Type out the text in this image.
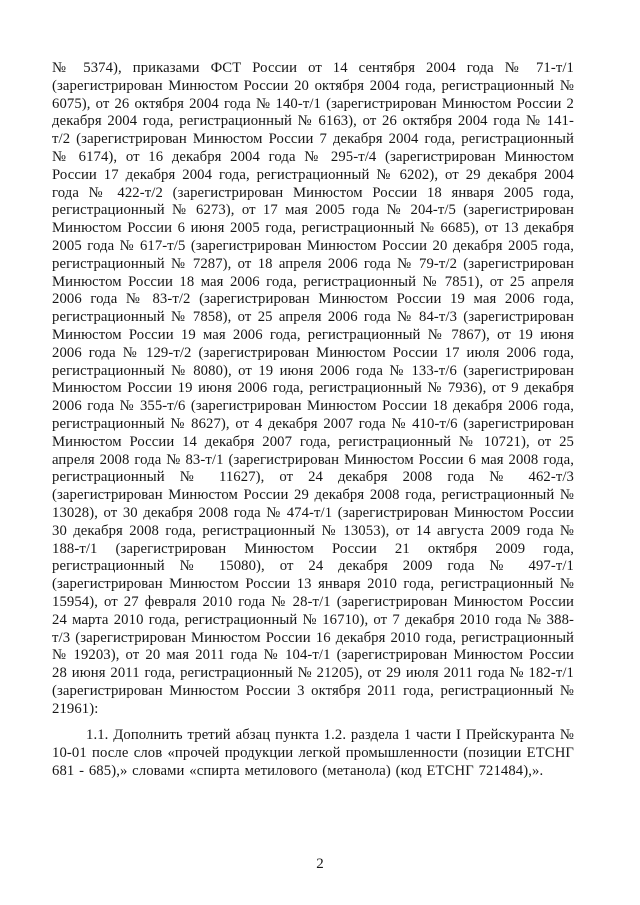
№ 5374), приказами ФСТ России от 14 сентября 2004 года № 71-т/1 (зарегистрирован Минюстом России 20 октября 2004 года, регистрационный № 6075), от 26 октября 2004 года № 140-т/1 (зарегистрирован Минюстом России 2 декабря 2004 года, регистрационный № 6163), от 26 октября 2004 года № 141-т/2 (зарегистрирован Минюстом России 7 декабря 2004 года, регистрационный № 6174), от 16 декабря 2004 года № 295-т/4 (зарегистрирован Минюстом России 17 декабря 2004 года, регистрационный № 6202), от 29 декабря 2004 года № 422-т/2 (зарегистрирован Минюстом России 18 января 2005 года, регистрационный № 6273), от 17 мая 2005 года № 204-т/5 (зарегистрирован Минюстом России 6 июня 2005 года, регистрационный № 6685), от 13 декабря 2005 года № 617-т/5 (зарегистрирован Минюстом России 20 декабря 2005 года, регистрационный № 7287), от 18 апреля 2006 года № 79-т/2 (зарегистрирован Минюстом России 18 мая 2006 года, регистрационный № 7851), от 25 апреля 2006 года № 83-т/2 (зарегистрирован Минюстом России 19 мая 2006 года, регистрационный № 7858), от 25 апреля 2006 года № 84-т/3 (зарегистрирован Минюстом России 19 мая 2006 года, регистрационный № 7867), от 19 июня 2006 года № 129-т/2 (зарегистрирован Минюстом России 17 июля 2006 года, регистрационный № 8080), от 19 июня 2006 года № 133-т/6 (зарегистрирован Минюстом России 19 июня 2006 года, регистрационный № 7936), от 9 декабря 2006 года № 355-т/6 (зарегистрирован Минюстом России 18 декабря 2006 года, регистрационный № 8627), от 4 декабря 2007 года № 410-т/6 (зарегистрирован Минюстом России 14 декабря 2007 года, регистрационный № 10721), от 25 апреля 2008 года № 83-т/1 (зарегистрирован Минюстом России 6 мая 2008 года, регистрационный № 11627), от 24 декабря 2008 года № 462-т/3 (зарегистрирован Минюстом России 29 декабря 2008 года, регистрационный № 13028), от 30 декабря 2008 года № 474-т/1 (зарегистрирован Минюстом России 30 декабря 2008 года, регистрационный № 13053), от 14 августа 2009 года № 188-т/1 (зарегистрирован Минюстом России 21 октября 2009 года, регистрационный № 15080), от 24 декабря 2009 года № 497-т/1 (зарегистрирован Минюстом России 13 января 2010 года, регистрационный № 15954), от 27 февраля 2010 года № 28-т/1 (зарегистрирован Минюстом России 24 марта 2010 года, регистрационный № 16710), от 7 декабря 2010 года № 388-т/3 (зарегистрирован Минюстом России 16 декабря 2010 года, регистрационный № 19203), от 20 мая 2011 года № 104-т/1 (зарегистрирован Минюстом России 28 июня 2011 года, регистрационный № 21205), от 29 июля 2011 года № 182-т/1 (зарегистрирован Минюстом России 3 октября 2011 года, регистрационный № 21961):

1.1. Дополнить третий абзац пункта 1.2. раздела 1 части I Прейскуранта № 10-01 после слов «прочей продукции легкой промышленности (позиции ЕТСНГ 681 - 685),» словами «спирта метилового (метанола) (код ЕТСНГ 721484),».

2
